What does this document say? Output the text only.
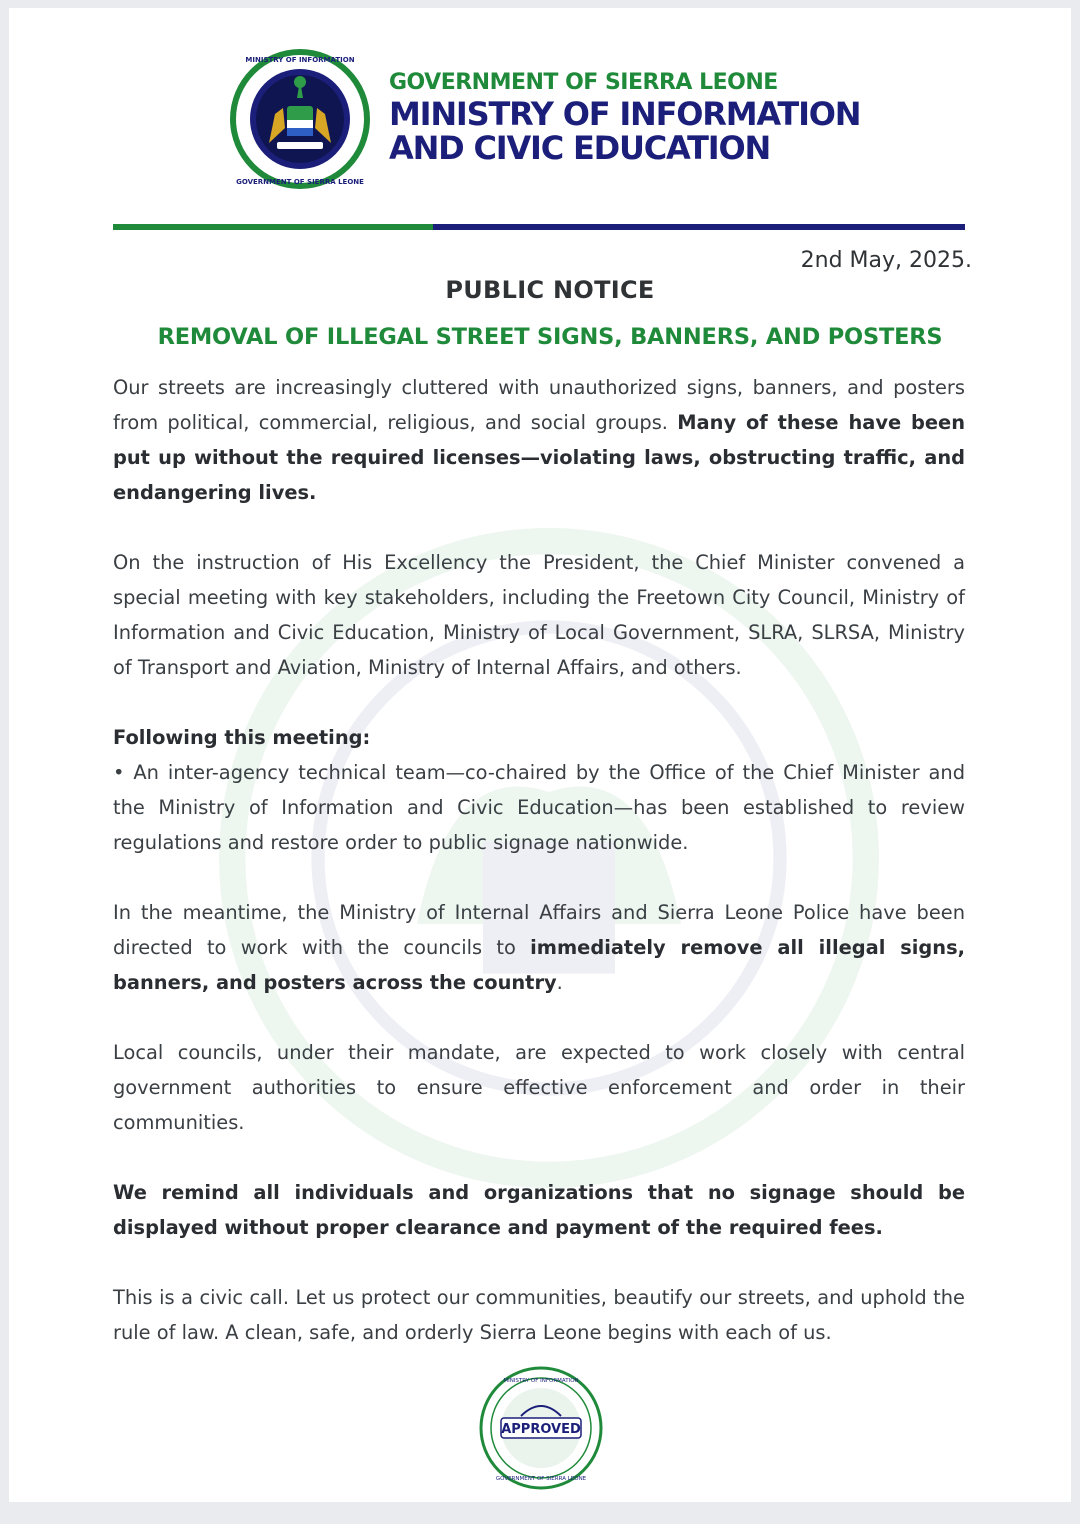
MINISTRY OF INFORMATION
GOVERNMENT OF SIERRA LEONE
GOVERNMENT OF SIERRA LEONE
MINISTRY OF INFORMATION
AND CIVIC EDUCATION
2nd May, 2025.
PUBLIC NOTICE
REMOVAL OF ILLEGAL STREET SIGNS, BANNERS, AND POSTERS

Our streets are increasingly cluttered with unauthorized signs, banners, and posters from political, commercial, religious, and social groups. Many of these have been put up without the required licenses—violating laws, obstructing traffic, and endangering lives.

On the instruction of His Excellency the President, the Chief Minister convened a special meeting with key stakeholders, including the Freetown City Council, Ministry of Information and Civic Education, Ministry of Local Government, SLRA, SLRSA, Ministry of Transport and Aviation, Ministry of Internal Affairs, and others.

Following this meeting:
• An inter-agency technical team—co-chaired by the Office of the Chief Minister and the Ministry of Information and Civic Education—has been established to review regulations and restore order to public signage nationwide.

In the meantime, the Ministry of Internal Affairs and Sierra Leone Police have been directed to work with the councils to immediately remove all illegal signs, banners, and posters across the country.

Local councils, under their mandate, are expected to work closely with central government authorities to ensure effective enforcement and order in their communities.

We remind all individuals and organizations that no signage should be displayed without proper clearance and payment of the required fees.

This is a civic call. Let us protect our communities, beautify our streets, and uphold the rule of law. A clean, safe, and orderly Sierra Leone begins with each of us.

APPROVED
MINISTRY OF INFORMATION
GOVERNMENT OF SIERRA LEONE
